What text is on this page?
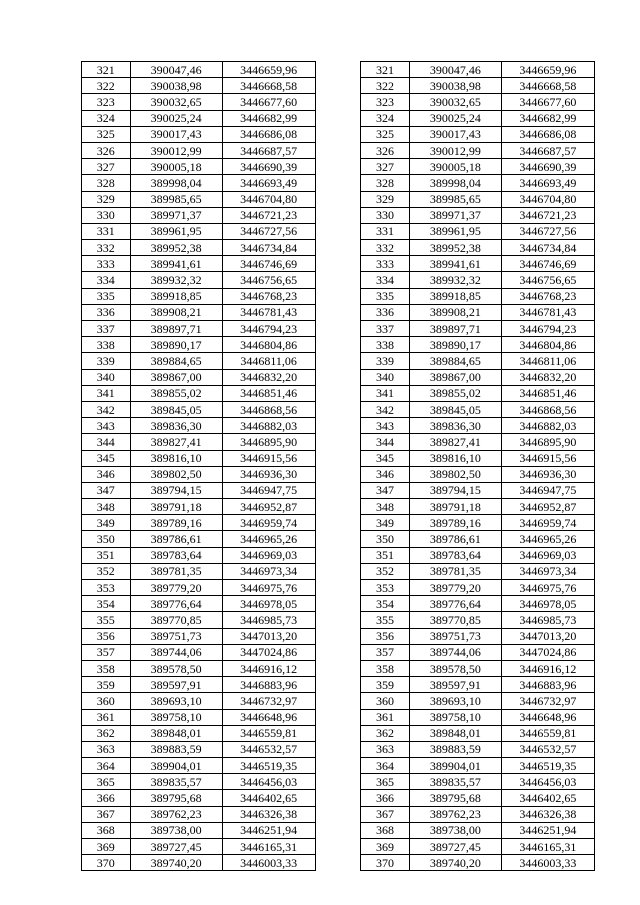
321	390047,46	3446659,96		321	390047,46	3446659,96
322	390038,98	3446668,58		322	390038,98	3446668,58
323	390032,65	3446677,60		323	390032,65	3446677,60
324	390025,24	3446682,99		324	390025,24	3446682,99
325	390017,43	3446686,08		325	390017,43	3446686,08
326	390012,99	3446687,57		326	390012,99	3446687,57
327	390005,18	3446690,39		327	390005,18	3446690,39
328	389998,04	3446693,49		328	389998,04	3446693,49
329	389985,65	3446704,80		329	389985,65	3446704,80
330	389971,37	3446721,23		330	389971,37	3446721,23
331	389961,95	3446727,56		331	389961,95	3446727,56
332	389952,38	3446734,84		332	389952,38	3446734,84
333	389941,61	3446746,69		333	389941,61	3446746,69
334	389932,32	3446756,65		334	389932,32	3446756,65
335	389918,85	3446768,23		335	389918,85	3446768,23
336	389908,21	3446781,43		336	389908,21	3446781,43
337	389897,71	3446794,23		337	389897,71	3446794,23
338	389890,17	3446804,86		338	389890,17	3446804,86
339	389884,65	3446811,06		339	389884,65	3446811,06
340	389867,00	3446832,20		340	389867,00	3446832,20
341	389855,02	3446851,46		341	389855,02	3446851,46
342	389845,05	3446868,56		342	389845,05	3446868,56
343	389836,30	3446882,03		343	389836,30	3446882,03
344	389827,41	3446895,90		344	389827,41	3446895,90
345	389816,10	3446915,56		345	389816,10	3446915,56
346	389802,50	3446936,30		346	389802,50	3446936,30
347	389794,15	3446947,75		347	389794,15	3446947,75
348	389791,18	3446952,87		348	389791,18	3446952,87
349	389789,16	3446959,74		349	389789,16	3446959,74
350	389786,61	3446965,26		350	389786,61	3446965,26
351	389783,64	3446969,03		351	389783,64	3446969,03
352	389781,35	3446973,34		352	389781,35	3446973,34
353	389779,20	3446975,76		353	389779,20	3446975,76
354	389776,64	3446978,05		354	389776,64	3446978,05
355	389770,85	3446985,73		355	389770,85	3446985,73
356	389751,73	3447013,20		356	389751,73	3447013,20
357	389744,06	3447024,86		357	389744,06	3447024,86
358	389578,50	3446916,12		358	389578,50	3446916,12
359	389597,91	3446883,96		359	389597,91	3446883,96
360	389693,10	3446732,97		360	389693,10	3446732,97
361	389758,10	3446648,96		361	389758,10	3446648,96
362	389848,01	3446559,81		362	389848,01	3446559,81
363	389883,59	3446532,57		363	389883,59	3446532,57
364	389904,01	3446519,35		364	389904,01	3446519,35
365	389835,57	3446456,03		365	389835,57	3446456,03
366	389795,68	3446402,65		366	389795,68	3446402,65
367	389762,23	3446326,38		367	389762,23	3446326,38
368	389738,00	3446251,94		368	389738,00	3446251,94
369	389727,45	3446165,31		369	389727,45	3446165,31
370	389740,20	3446003,33		370	389740,20	3446003,33
